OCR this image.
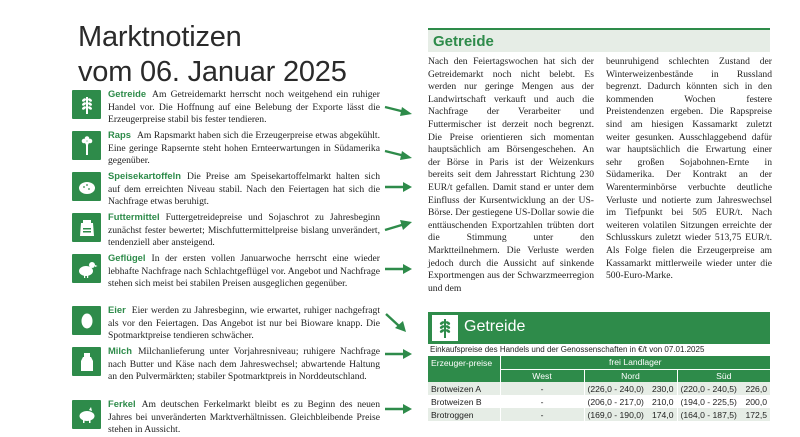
Marktnotizen
vom 06. Januar 2025
Getreide Am Getreidemarkt herrscht noch weitgehend ein ruhiger Handel vor. Die Hoffnung auf eine Belebung der Exporte lässt die Erzeugerpreise stabil bis fester tendieren.
Raps Am Rapsmarkt haben sich die Erzeugerpreise etwas abgekühlt. Eine geringe Rapsernte steht hohen Ernteerwartungen in Südamerika gegenüber.
Speisekartoffeln Die Preise am Speisekartoffelmarkt halten sich auf dem erreichten Niveau stabil. Nach den Feiertagen hat sich die Nachfrage etwas beruhigt.
Futtermittel Futtergetreidepreise und Sojaschrot zu Jahresbeginn zunächst fester bewertet; Mischfuttermittelpreise bislang unverändert, tendenziell aber ansteigend.
Geflügel In der ersten vollen Januarwoche herrscht eine wieder lebhafte Nachfrage nach Schlachtgeflügel vor. Angebot und Nachfrage stehen sich meist bei stabilen Preisen ausgeglichen gegenüber.
Eier Eier werden zu Jahresbeginn, wie erwartet, ruhiger nachgefragt als vor den Feiertagen. Das Angebot ist nur bei Bioware knapp. Die Spotmarktpreise tendieren schwächer.
Milch Milchanlieferung unter Vorjahresniveau; ruhigere Nachfrage nach Butter und Käse nach dem Jahreswechsel; abwartende Haltung an den Pulvermärkten; stabiler Spotmarktpreis in Norddeutschland.
Ferkel Am deutschen Ferkelmarkt bleibt es zu Beginn des neuen Jahres bei unveränderten Marktverhältnissen. Gleichbleibende Preise stehen in Aussicht.
Getreide
Nach den Feiertagswochen hat sich der Getreidemarkt noch nicht belebt. Es werden nur geringe Mengen aus der Landwirtschaft verkauft und auch die Nachfrage der Verarbeiter und Futtermischer ist derzeit noch begrenzt. Die Preise orientieren sich momentan hauptsächlich am Börsengeschehen. An der Börse in Paris ist der Weizenkurs bereits seit dem Jahresstart Richtung 230 EUR/t gefallen. Damit stand er unter dem Einfluss der Kursentwicklung an der US-Börse. Der gestiegene US-Dollar sowie die enttäuschenden Exportzahlen trübten dort die Stimmung unter den Marktteilnehmern. Die Verluste werden jedoch durch die Aussicht auf sinkende Exportmengen aus der Schwarzmeerregion und dem
beunruhigend schlechten Zustand der Winterweizenbestände in Russland begrenzt. Dadurch könnten sich in den kommenden Wochen festere Preistendenzen ergeben. Die Rapspreise sind am hiesigen Kassamarkt zuletzt weiter gesunken. Ausschlaggebend dafür war hauptsächlich die Erwartung einer sehr großen Sojabohnen-Ernte in Südamerika. Der Kontrakt an der Warenterminbörse verbuchte deutliche Verluste und notierte zum Jahreswechsel im Tiefpunkt bei 505 EUR/t. Nach weiteren volatilen Sitzungen erreichte der Schlusskurs zuletzt wieder 513,75 EUR/t. Als Folge fielen die Erzeugerpreise am Kassamarkt mittlerweile wieder unter die 500-Euro-Marke.
Getreide
Einkaufspreise des Handels und der Genossenschaften in €/t von 07.01.2025
Erzeuger-preise	frei Landlager				
	West	Nord		Süd	
Brotweizen A	-	(226,0 - 240,0)	230,0	(220,0 - 240,5)	226,0
Brotweizen B	-	(206,0 - 217,0)	210,0	(194,0 - 225,5)	200,0
Brotroggen	-	(169,0 - 190,0)	174,0	(164,0 - 187,5)	172,5
